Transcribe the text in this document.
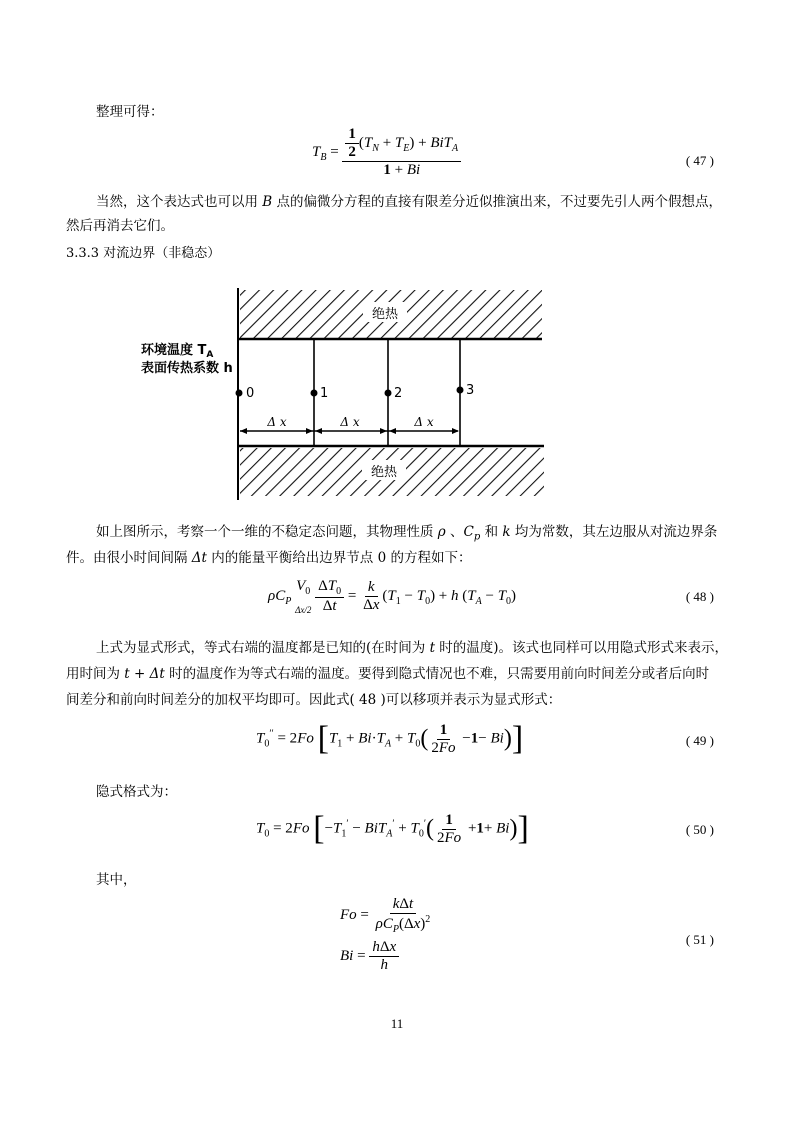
整理可得：
$T_B = \frac{\frac{1}{2} (T_N + T_E) + BiT_A}{1 + Bi}$	( 47 )
当然，这个表达式也可以用 B 点的偏微分方程的直接有限差分近似推演出来，不过要先引人两个假想点，
然后再消去它们。
3.3.3 对流边界（非稳态）
绝热
绝热
0	1	2	3
Δ x	Δ x	Δ x
环境温度 $T_A$
表面传热系数 h
如上图所示，考察一个一维的不稳定态问题，其物理性质 ρ 、$C_p$ 和 k 均为常数，其左边服从对流边界条
件。由很小时间间隔 Δt 内的能量平衡给出边界节点 0 的方程如下：
$\rho C_P$
$V_0$
Δx/2
$\frac{\Delta T_0}{\Delta t} = \frac{k}{\Delta x} (T_1 - T_0) + h$ $(T_A - T_0)$	( 48 )
上式为显式形式，等式右端的温度都是已知的(在时间为 t 时的温度)。该式也同样可以用隐式形式来表示，
用时间为 t + Δt 时的温度作为等式右端的温度。要得到隐式情况也不难，只需要用前向时间差分或者后向时
间差分和前向时间差分的加权平均即可。因此式( 48 )可以移项并表示为显式形式：
$T_0'' = 2Fo$ $[T_1 + Bi\cdot T_A + T_0( \frac{1}{2Fo} -1- Bi)]$	( 49 )
隐式格式为：
$T_0 = 2Fo$ $[-T_1' - BiT_A' + T_0'( \frac{1}{2Fo} +1+ Bi)]$	( 50 )
其中，
$Fo = \frac{\text{kΔt}}{\rho C_P(\Delta x)^2}$
$Bi = \frac{\text{hΔx}}{h}$	( 51 )
11
